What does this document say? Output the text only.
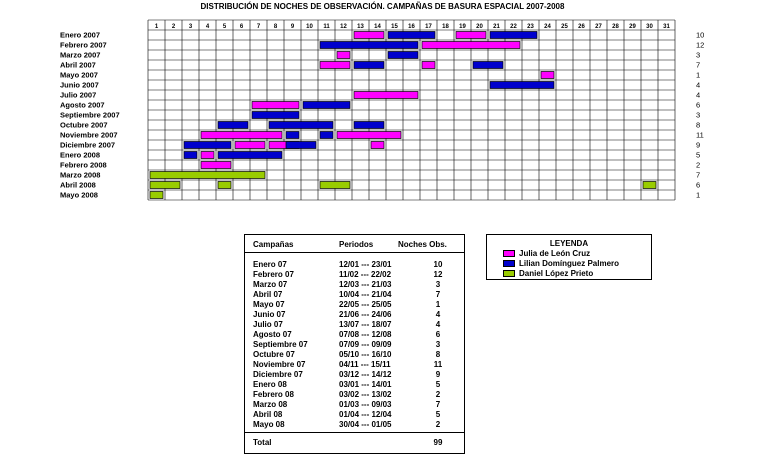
DISTRIBUCIÓN DE NOCHES DE OBSERVACIÓN. CAMPAÑAS DE BASURA ESPACIAL 2007-2008
1 2 3 4 5 6 7 8 9 10 11 12 13 14 15 16 17 18 19 20 21 22 23 24 25 26 27 28 29 30 31
Enero 2007	10
Febrero 2007	12
Marzo 2007	3
Abril 2007	7
Mayo 2007	1
Junio 2007	4
Julio 2007	4
Agosto 2007	6
Septiembre 2007	3
Octubre 2007	8
Noviembre 2007	11
Diciembre 2007	9
Enero 2008	5
Febrero 2008	2
Marzo 2008	7
Abril 2008	6
Mayo 2008	1
Campañas	Periodos	Noches Obs.
Enero 07	12/01 --- 23/01	10
Febrero 07	11/02 --- 22/02	12
Marzo 07	12/03 --- 21/03	3
Abril 07	10/04 --- 21/04	7
Mayo 07	22/05 --- 25/05	1
Junio 07	21/06 --- 24/06	4
Julio 07	13/07 --- 18/07	4
Agosto 07	07/08 --- 12/08	6
Septiembre 07	07/09 --- 09/09	3
Octubre 07	05/10 --- 16/10	8
Noviembre 07	04/11 --- 15/11	11
Diciembre 07	03/12 --- 14/12	9
Enero 08	03/01 --- 14/01	5
Febrero 08	03/02 --- 13/02	2
Marzo 08	01/03 --- 09/03	7
Abril 08	01/04 --- 12/04	5
Mayo 08	30/04 --- 01/05	2
Total	99
LEYENDA
Julia de León Cruz
Lilian Domínguez Palmero
Daniel López Prieto
